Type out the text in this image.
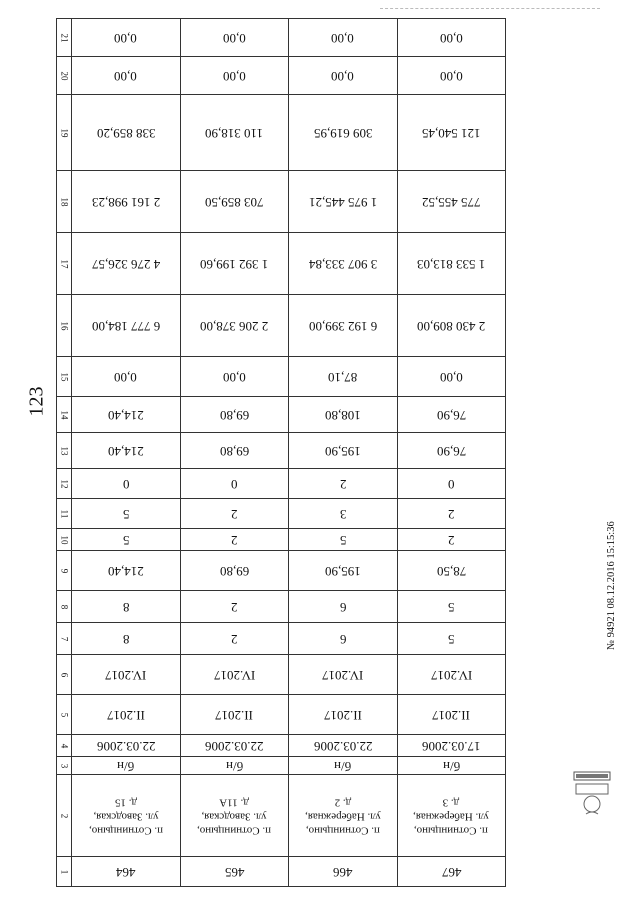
123
21	0,00	0,00	0,00	0,00
20	0,00	0,00	0,00	0,00
19	338 859,20	110 318,90	309 619,95	121 540,45
18	2 161 998,23	703 859,50	1 975 445,21	775 455,52
17	4 276 326,57	1 392 199,60	3 907 333,84	1 533 813,03
16	6 777 184,00	2 206 378,00	6 192 399,00	2 430 809,00
15	0,00	0,00	87,10	0,00
14	214,40	69,80	108,80	76,90
13	214,40	69,80	195,90	76,90
12	0	0	2	0
11	5	2	3	2
10	5	2	5	2
9	214,40	69,80	195,90	78,50
8	8	2	6	5
7	8	2	6	5
6	IV.2017	IV.2017	IV.2017	IV.2017
5	II.2017	II.2017	II.2017	II.2017
4	22.03.2006	22.03.2006	22.03.2006	17.03.2006
3	б/н	б/н	б/н	б/н
2	п. Сотнинцыно,
ул. Заводская,
д. 15	п. Сотнинцыно,
ул. Заводская,
д. 11А	п. Сотнинцыно,
ул. Набережная,
д. 2	п. Сотнинцыно,
ул. Набережная,
д. 3
1	464	465	466	467
№ 94921 08.12.2016 15:15:36
